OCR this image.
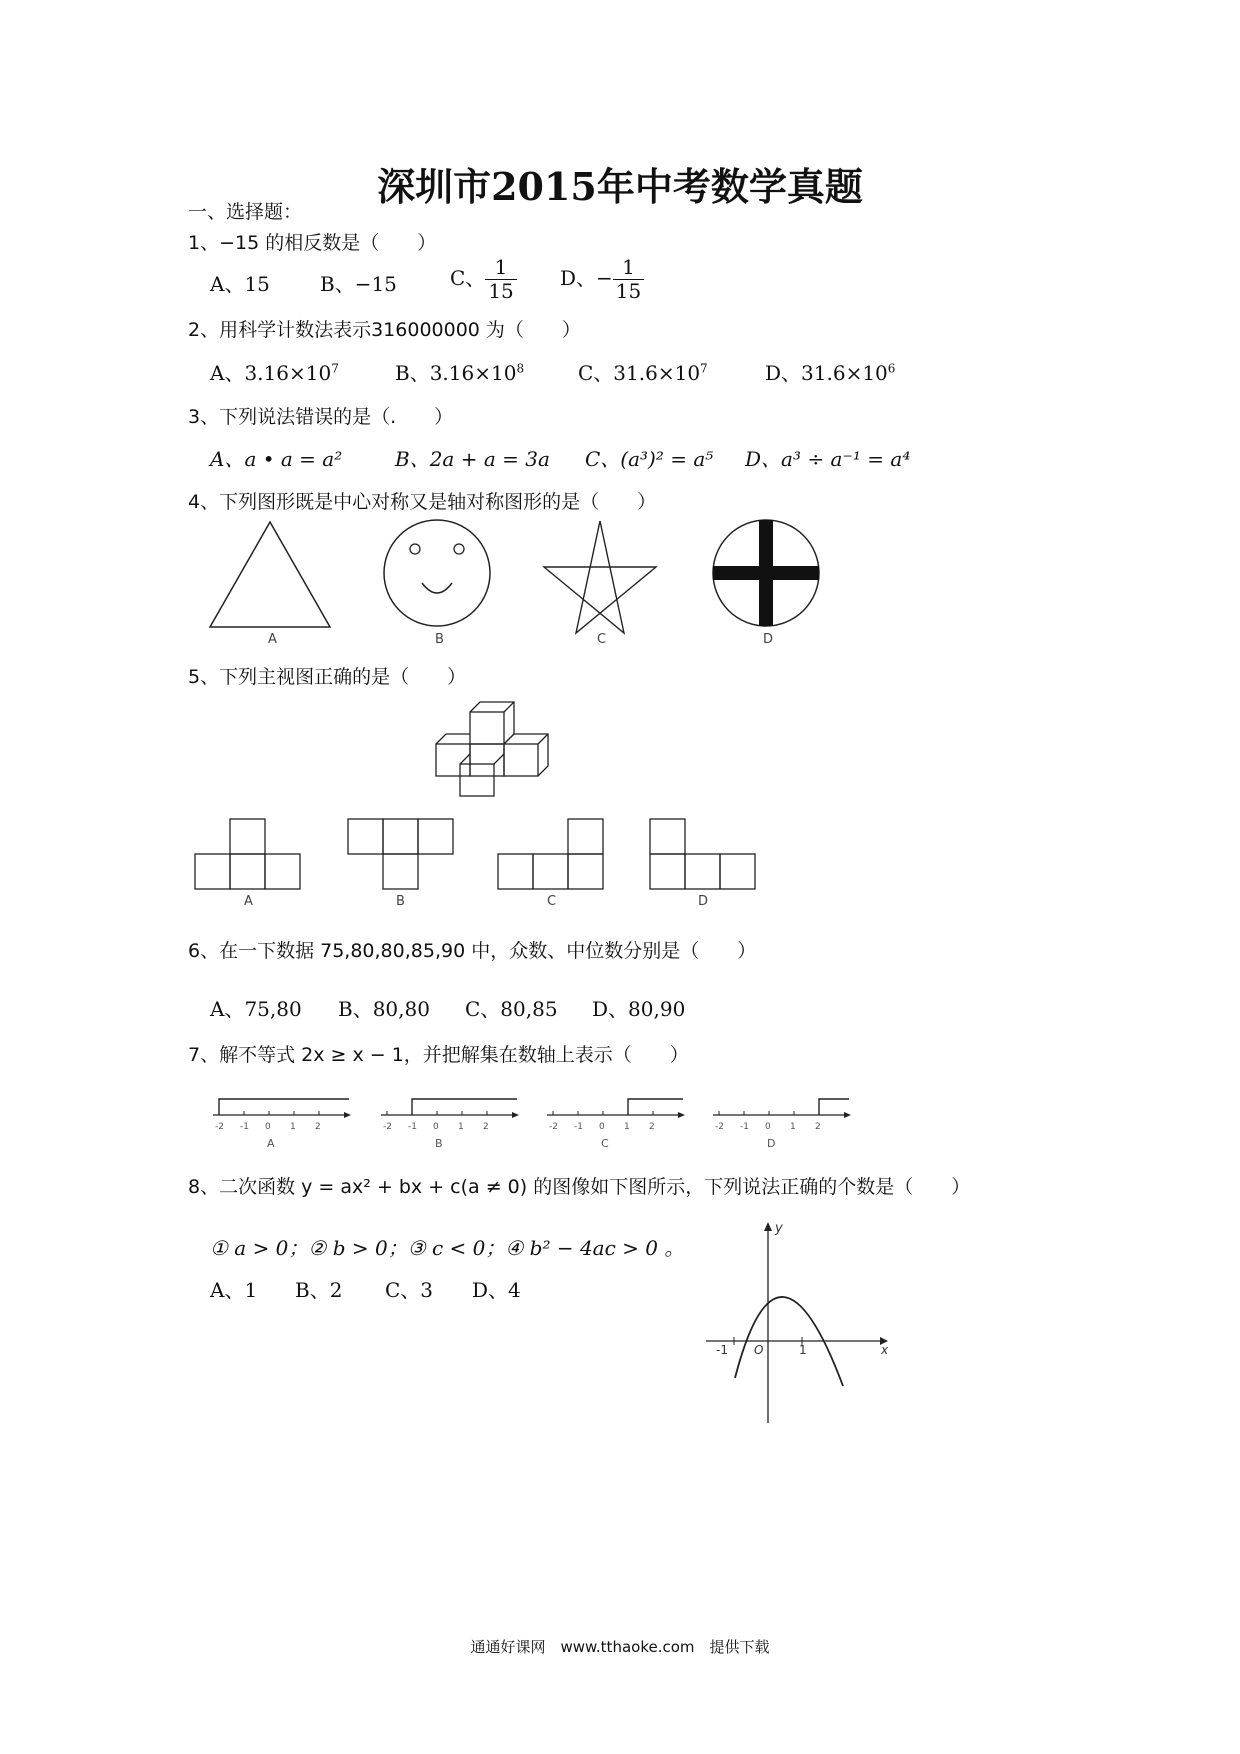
深圳市2015年中考数学真题
一、选择题：
1、−15 的相反数是（　　）
A、15	B、−15	C、 $\frac{1}{15}$ D、− $\frac{1}{15}$
2、用科学计数法表示316000000 为（　　）
A、$3.16\times 10^7$	B、$3.16\times 10^8$	C、$31.6\times 10^7$	D、$31.6\times 10^6$
3、下列说法错误的是（.　　）
A、a • a = a²	B、2a + a = 3a C、(a³)² = a⁵ D、a³ ÷ a⁻¹ = a⁴
4、下列图形既是中心对称又是轴对称图形的是（　　）
A	B	C	D
5、下列主视图正确的是（　　）
A	B	C	D
6、在一下数据 75,80,80,85,90 中，众数、中位数分别是（　　）
A、75,80 B、80,80 C、80,85 D、80,90
7、解不等式 2x ≥ x − 1，并把解集在数轴上表示（　　）
-2 -1 0 1 2
A
-2 -1 0 1 2
B
-2 -1 0 1 2
C
-2 -1 0 1 2
D
8、二次函数 y = ax² + bx + c(a ≠ 0) 的图像如下图所示，下列说法正确的个数是（　　）
① a > 0；② b > 0；③ c < 0；④ b² − 4ac > 0 。
A、1 B、2 C、3 D、4
y
x
O
-1	1
通通好课网　www.tthaoke.com　提供下载
